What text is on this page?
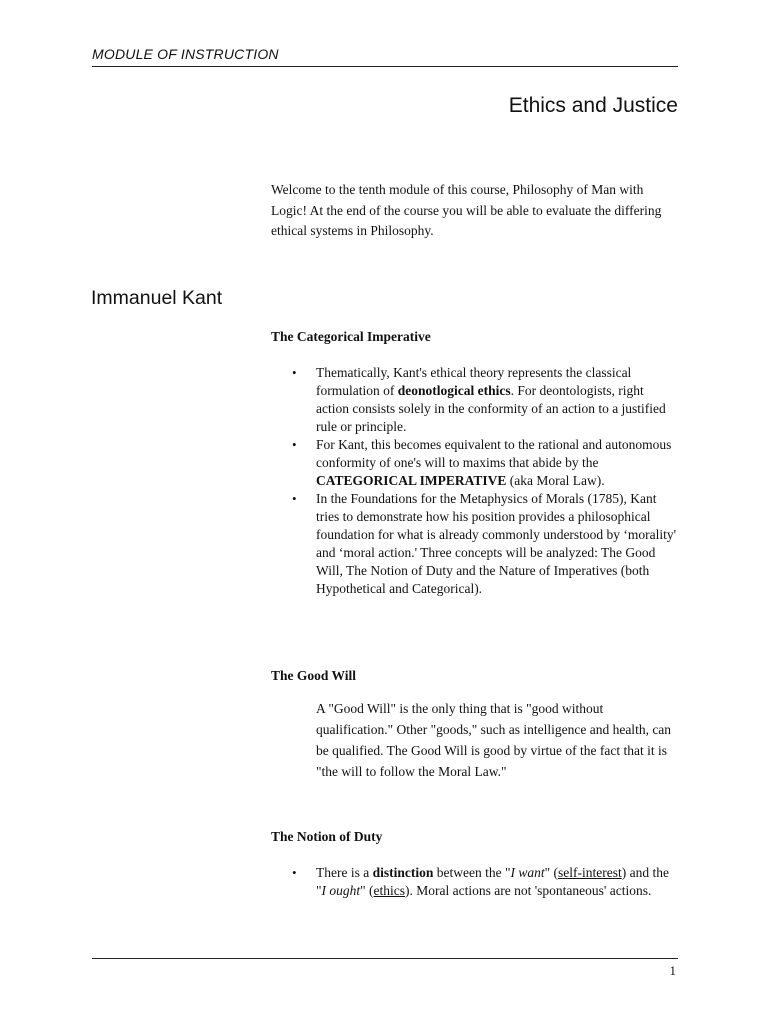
MODULE OF INSTRUCTION
Ethics and Justice

Welcome to the tenth module of this course, Philosophy of Man with Logic! At the end of the course you will be able to evaluate the differing ethical systems in Philosophy.

Immanuel Kant
The Categorical Imperative
• Thematically, Kant's ethical theory represents the classical formulation of deonotlogical ethics. For deontologists, right action consists solely in the conformity of an action to a justified rule or principle.
• For Kant, this becomes equivalent to the rational and autonomous conformity of one's will to maxims that abide by the CATEGORICAL IMPERATIVE (aka Moral Law).
• In the Foundations for the Metaphysics of Morals (1785), Kant tries to demonstrate how his position provides a philosophical foundation for what is already commonly understood by ‘morality' and ‘moral action.' Three concepts will be analyzed: The Good Will, The Notion of Duty and the Nature of Imperatives (both Hypothetical and Categorical).
The Good Will

A "Good Will" is the only thing that is "good without qualification." Other "goods," such as intelligence and health, can be qualified. The Good Will is good by virtue of the fact that it is "the will to follow the Moral Law."

The Notion of Duty
• There is a distinction between the "I want" (self-interest) and the "I ought" (ethics). Moral actions are not 'spontaneous' actions.
1
